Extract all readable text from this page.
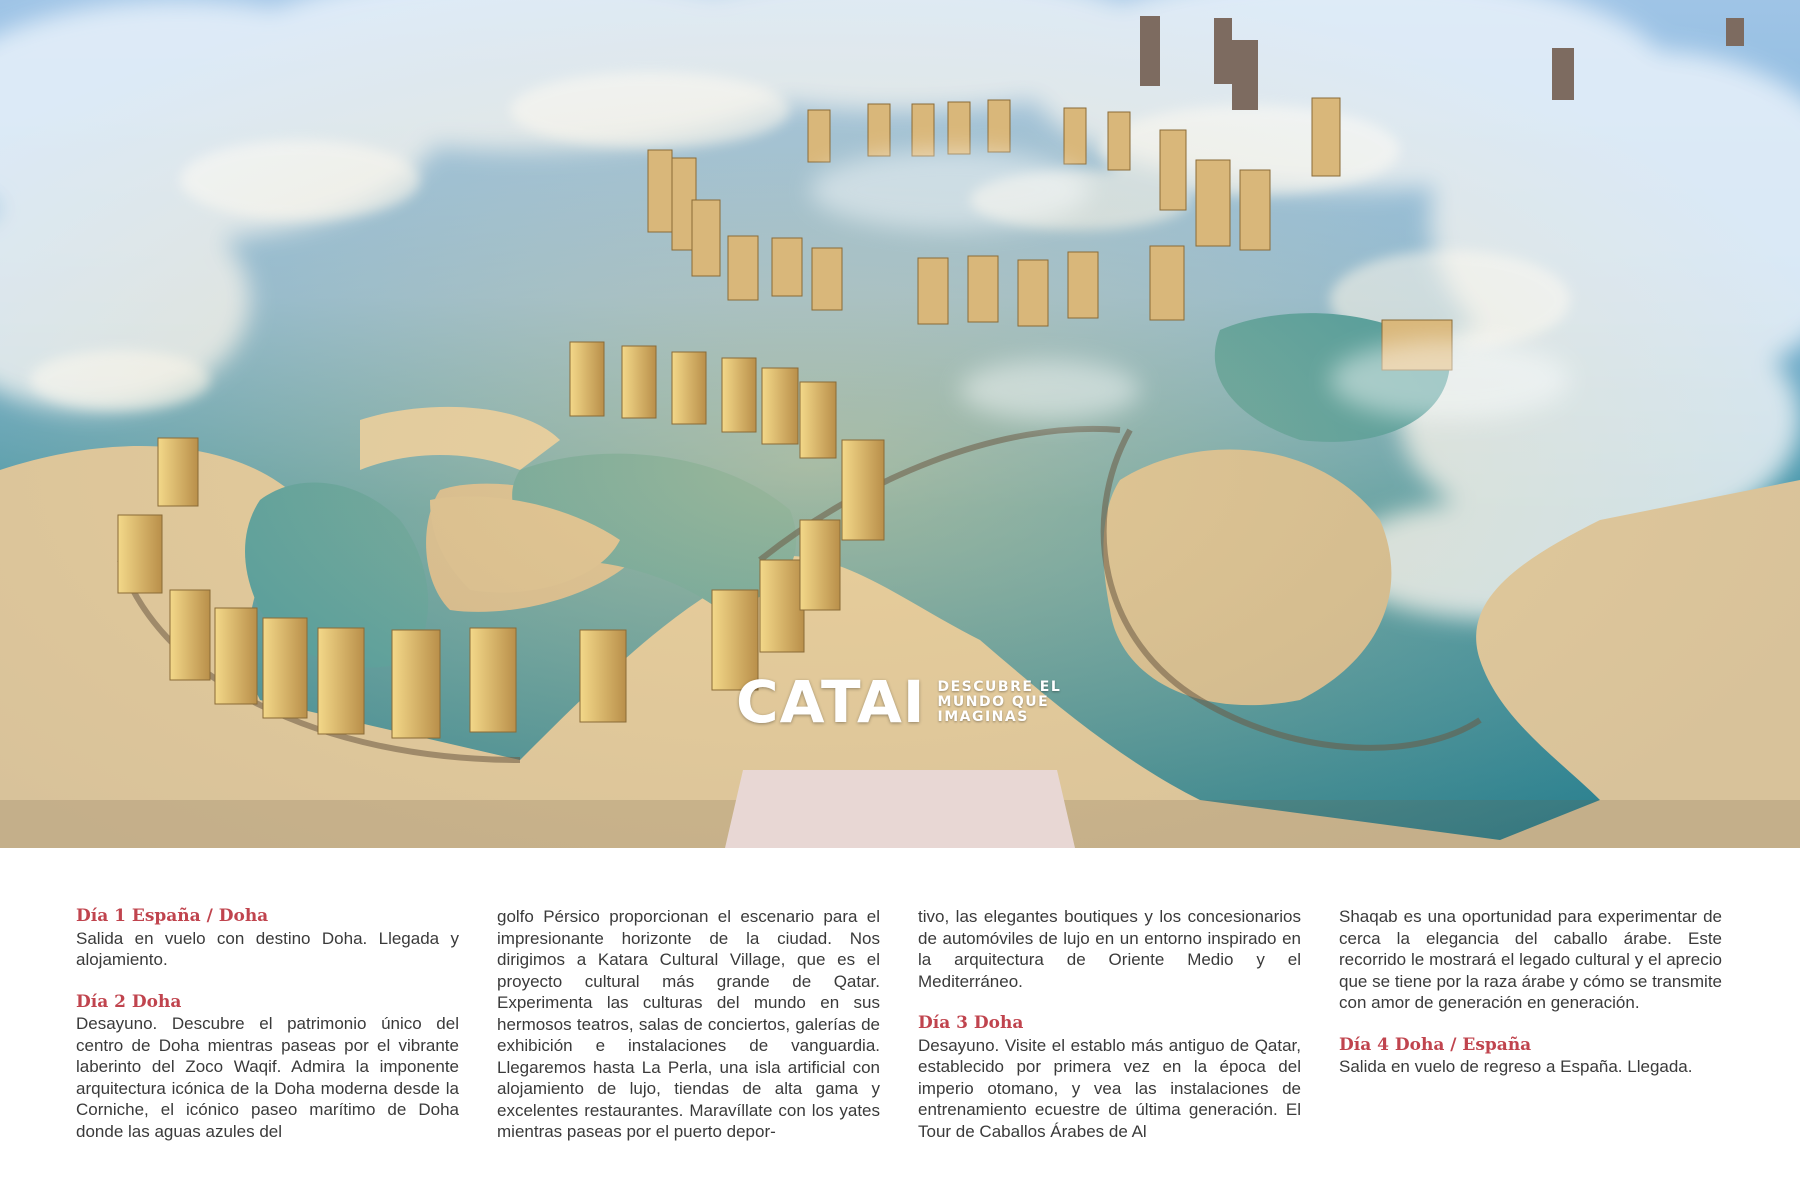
CATAI DESCUBRE EL
MUNDO QUE
IMAGINAS
Día 1 España / Doha

Salida en vuelo con destino Doha. Llegada y alojamiento.

Día 2 Doha

Desayuno. Descubre el patrimonio único del centro de Doha mientras paseas por el vibrante laberinto del Zoco Waqif. Admira la imponente arquitectura icónica de la Doha moderna desde la Corniche, el icónico paseo marítimo de Doha donde las aguas azules del

golfo Pérsico proporcionan el escenario para el impresionante horizonte de la ciudad. Nos dirigimos a Katara Cultural Village, que es el proyecto cultural más grande de Qatar. Experimenta las culturas del mundo en sus hermosos teatros, salas de conciertos, galerías de exhibición e instalaciones de vanguardia. Llegaremos hasta La Perla, una isla artificial con alojamiento de lujo, tiendas de alta gama y excelentes restaurantes. Maravíllate con los yates mientras paseas por el puerto depor-

tivo, las elegantes boutiques y los concesionarios de automóviles de lujo en un entorno inspirado en la arquitectura de Oriente Medio y el Mediterráneo.

Día 3 Doha

Desayuno. Visite el establo más antiguo de Qatar, establecido por primera vez en la época del imperio otomano, y vea las instalaciones de entrenamiento ecuestre de última generación. El Tour de Caballos Árabes de Al

Shaqab es una oportunidad para experimentar de cerca la elegancia del caballo árabe. Este recorrido le mostrará el legado cultural y el aprecio que se tiene por la raza árabe y cómo se transmite con amor de generación en generación.

Día 4 Doha / España

Salida en vuelo de regreso a España. Llegada.
